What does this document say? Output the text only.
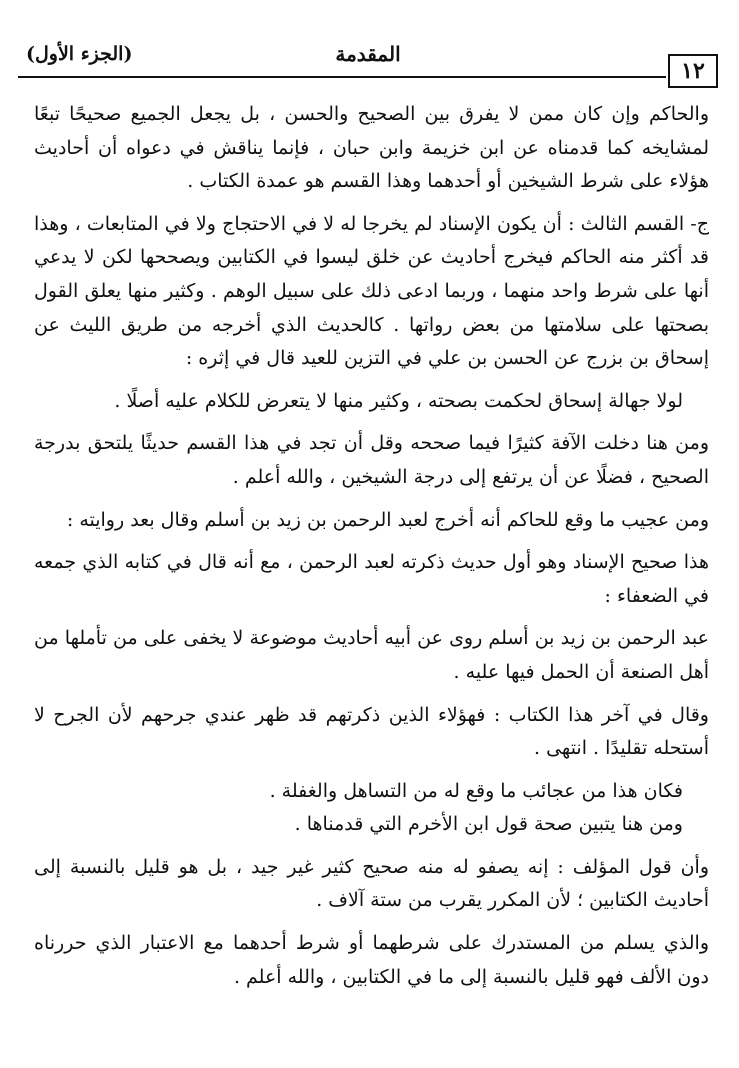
١٢
المقدمة
(الجزء الأول)

والحاكم وإن كان ممن لا يفرق بين الصحيح والحسن ، بل يجعل الجميع صحيحًا تبعًا لمشايخه كما قدمناه عن ابن خزيمة وابن حبان ، فإنما يناقش في دعواه أن أحاديث هؤلاء على شرط الشيخين أو أحدهما وهذا القسم هو عمدة الكتاب .

ج- القسم الثالث : أن يكون الإسناد لم يخرجا له لا في الاحتجاج ولا في المتابعات ، وهذا قد أكثر منه الحاكم فيخرج أحاديث عن خلق ليسوا في الكتابين ويصححها لكن لا يدعي أنها على شرط واحد منهما ، وربما ادعى ذلك على سبيل الوهم . وكثير منها يعلق القول بصحتها على سلامتها من بعض رواتها . كالحديث الذي أخرجه من طريق الليث عن إسحاق بن بزرج عن الحسن بن علي في التزين للعيد قال في إثره :

لولا جهالة إسحاق لحكمت بصحته ، وكثير منها لا يتعرض للكلام عليه أصلًا .

ومن هنا دخلت الآفة كثيرًا فيما صححه وقل أن تجد في هذا القسم حديثًا يلتحق بدرجة الصحيح ، فضلًا عن أن يرتفع إلى درجة الشيخين ، والله أعلم .

ومن عجيب ما وقع للحاكم أنه أخرج لعبد الرحمن بن زيد بن أسلم وقال بعد روايته :

هذا صحيح الإسناد وهو أول حديث ذكرته لعبد الرحمن ، مع أنه قال في كتابه الذي جمعه في الضعفاء :

عبد الرحمن بن زيد بن أسلم روى عن أبيه أحاديث موضوعة لا يخفى على من تأملها من أهل الصنعة أن الحمل فيها عليه .

وقال في آخر هذا الكتاب : فهؤلاء الذين ذكرتهم قد ظهر عندي جرحهم لأن الجرح لا أستحله تقليدًا . انتهى .

فكان هذا من عجائب ما وقع له من التساهل والغفلة .

ومن هنا يتبين صحة قول ابن الأخرم التي قدمناها .

وأن قول المؤلف : إنه يصفو له منه صحيح كثير غير جيد ، بل هو قليل بالنسبة إلى أحاديث الكتابين ؛ لأن المكرر يقرب من ستة آلاف .

والذي يسلم من المستدرك على شرطهما أو شرط أحدهما مع الاعتبار الذي حررناه دون الألف فهو قليل بالنسبة إلى ما في الكتابين ، والله أعلم .
